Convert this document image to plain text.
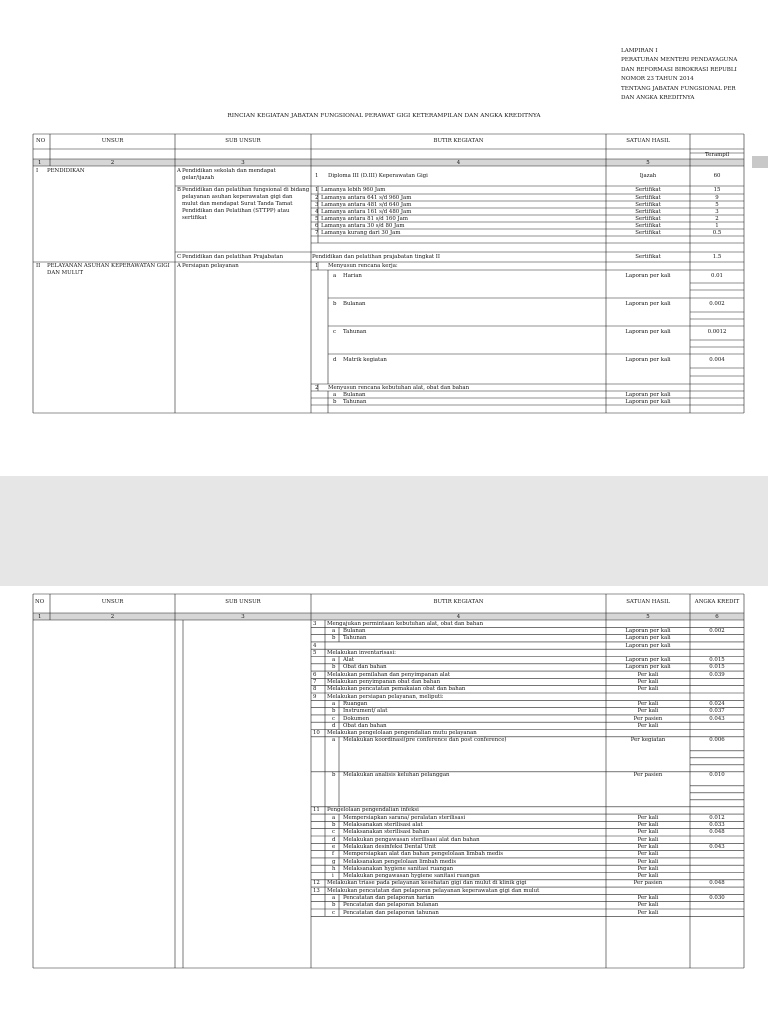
LAMPIRAN I
PERATURAN MENTERI PENDAYAGUNA
DAN REFORMASI BIROKRASI REPUBLI
NOMOR 23 TAHUN 2014
TENTANG JABATAN FUNGSIONAL PER
DAN ANGKA KREDITNYA
RINCIAN KEGIATAN JABATAN FUNGSIONAL PERAWAT GIGI KETERAMPILAN DAN ANGKA KREDITNYA
NO	UNSUR	SUB UNSUR	BUTIR KEGIATAN	SATUAN HASIL
Terampil
1	2	3	4	5
I PENDIDIKAN	A Pendidikan sekolah dan mendapat gelar/ijazah	1 Diploma III (D.III) Keperawatan Gigi	Ijazah	60
B Pendidikan dan pelatihan fungsional di bidang pelayanan asuhan keperawatan gigi dan mulut dan mendapat Surat Tanda Tamat Pendidikan dan Pelatihan (STTPP) atau sertifikat
1 Lamanya lebih 960 Jam	Sertifikat	15
2 Lamanya antara 641 s/d 960 Jam	Sertifikat	9
3 Lamanya antara 481 s/d 640 Jam	Sertifikat	5
4 Lamanya antara 161 s/d 480 Jam	Sertifikat	3
5 Lamanya antara 81 s/d 160 Jam	Sertifikat	2
6 Lamanya antara 30 s/d 80 Jam	Sertifikat	1
7 Lamanya kurang dari 30 Jam	Sertifikat	0.5
C Pendidikan dan pelatihan Prajabatan	Pendidikan dan pelatihan prajabatan tingkat II	Sertifikat	1.5
II PELAYANAN ASUHAN KEPERAWATAN GIGI DAN MULUT
A Persiapan pelayanan	1 Menyusun rencana kerja:
a Harian	Laporan per kali	0.01
b Bulanan	Laporan per kali	0.002
c Tahunan	Laporan per kali	0.0012
d Matrik kegiatan	Laporan per kali	0.004
2 Menyusun rencana kebutuhan alat, obat dan bahan
a Bulanan	Laporan per kali
b Tahunan	Laporan per kali
NO	UNSUR	SUB UNSUR	BUTIR KEGIATAN	SATUAN HASIL	ANGKA KREDIT
1	2	3	4	5	6
3 Mengajukan permintaan kebutuhan alat, obat dan bahan
a Bulanan	Laporan per kali	0.002
b Tahunan	Laporan per kali
4	Laporan per kali
5 Melakukan inventarisasi:
a Alat	Laporan per kali	0.015
b Obat dan bahan	Laporan per kali	0.015
6 Melakukan pemilahan dan penyimpanan alat	Per kali	0.039
7 Melakukan penyimpanan obat dan bahan	Per kali
8 Melakukan pencatatan pemakaian obat dan bahan	Per kali
9 Melakukan persiapan pelayanan, meliputi:
a Ruangan	Per kali	0.024
b Instrument/ alat	Per kali	0.037
c Dokumen	Per pasien	0.043
d Obat dan bahan	Per kali
10 Melakukan pengelolaan pengendalian mutu pelayanan
a Melakukan koordinasi(pre conference dan post conference)	Per kegiatan	0.006
b Melakukan analisis keluhan pelanggan	Per pasien	0.010
11 Pengelolaan pengendalian infeksi
a Mempersiapkan sarana/ peralatan sterilisasi	Per kali	0.012
b Melaksanakan sterilisasi alat	Per kali	0.033
c Melaksanakan sterilisasi bahan	Per kali	0.048
d Melakukan pengawasan sterilisasi alat dan bahan	Per kali
e Melakukan desinfeksi Dental Unit	Per kali	0.043
f Mempersiapkan alat dan bahan pengelolaan limbah medis	Per kali
g Melaksanakan pengelolaan limbah medis	Per kali
h Melaksanakan hygiene sanitasi ruangan	Per kali
i Melakukan pengawasan hygiene sanitasi ruangan	Per kali
12 Melakukan triase pada pelayanan kesehatan gigi dan mulut di klinik gigi	Per pasien	0.048
13 Melakukan pencatatan dan pelaporan pelayanan keperawatan gigi dan mulut
a Pencatatan dan pelaporan harian	Per kali	0.030
b Pencatatan dan pelaporan bulanan	Per kali
c Pencatatan dan pelaporan tahunan	Per kali
